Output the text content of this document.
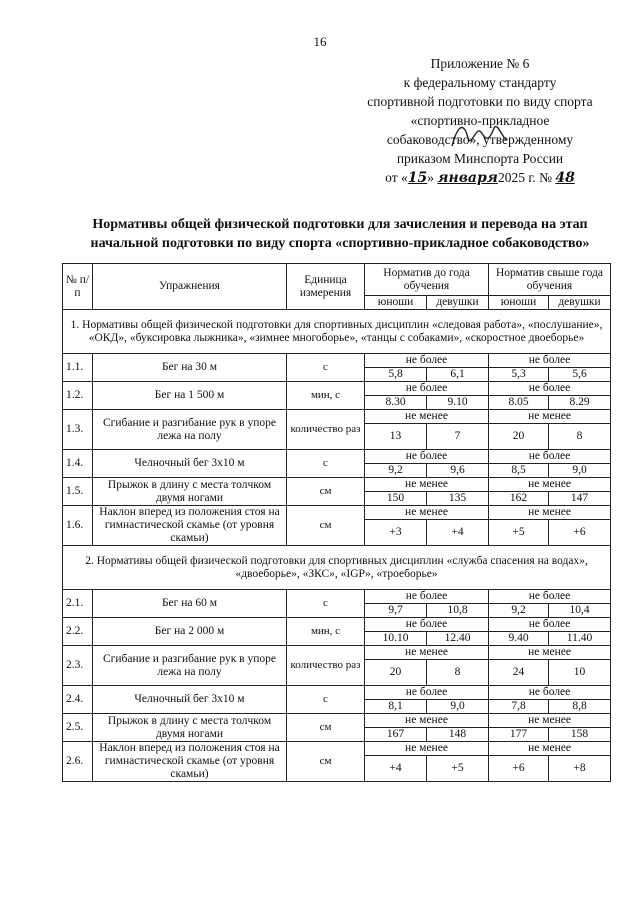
16
Приложение № 6
к федеральному стандарту
спортивной подготовки по виду спорта
«спортивно-прикладное
собаководство», утвержденному
приказом Минспорта России
от «15» января2025 г. № 48
Нормативы общей физической подготовки для зачисления и перевода на этап
начальной подготовки по виду спорта «спортивно-прикладное собаководство»
№ п/п	Упражнения	Единица измерения	Норматив до года обучения		Норматив свыше года обучения	
			юноши	девушки	юноши	девушки
1. Нормативы общей физической подготовки для спортивных дисциплин «следовая работа», «послушание», «ОКД», «буксировка лыжника», «зимнее многоборье», «танцы с собаками», «скоростное двоеборье»						
1.1.	Бег на 30 м	с	не более		не более	
			5,8	6,1	5,3	5,6
1.2.	Бег на 1 500 м	мин, с	не более		не более	
			8.30	9.10	8.05	8.29
1.3.	Сгибание и разгибание рук в упоре лежа на полу	количество раз	не менее		не менее	
			13	7	20	8
1.4.	Челночный бег 3x10 м	с	не более		не более	
			9,2	9,6	8,5	9,0
1.5.	Прыжок в длину с места толчком двумя ногами	см	не менее		не менее	
			150	135	162	147
1.6.	Наклон вперед из положения стоя на гимнастической скамье (от уровня скамьи)	см	не менее		не менее	
			+3	+4	+5	+6
2. Нормативы общей физической подготовки для спортивных дисциплин «служба спасения на водах», «двоеборье», «ЗКС», «IGP», «троеборье»						
2.1.	Бег на 60 м	с	не более		не более	
			9,7	10,8	9,2	10,4
2.2.	Бег на 2 000 м	мин, с	не более		не более	
			10.10	12.40	9.40	11.40
2.3.	Сгибание и разгибание рук в упоре лежа на полу	количество раз	не менее		не менее	
			20	8	24	10
2.4.	Челночный бег 3x10 м	с	не более		не более	
			8,1	9,0	7,8	8,8
2.5.	Прыжок в длину с места толчком двумя ногами	см	не менее		не менее	
			167	148	177	158
2.6.	Наклон вперед из положения стоя на гимнастической скамье (от уровня скамьи)	см	не менее		не менее	
			+4	+5	+6	+8
